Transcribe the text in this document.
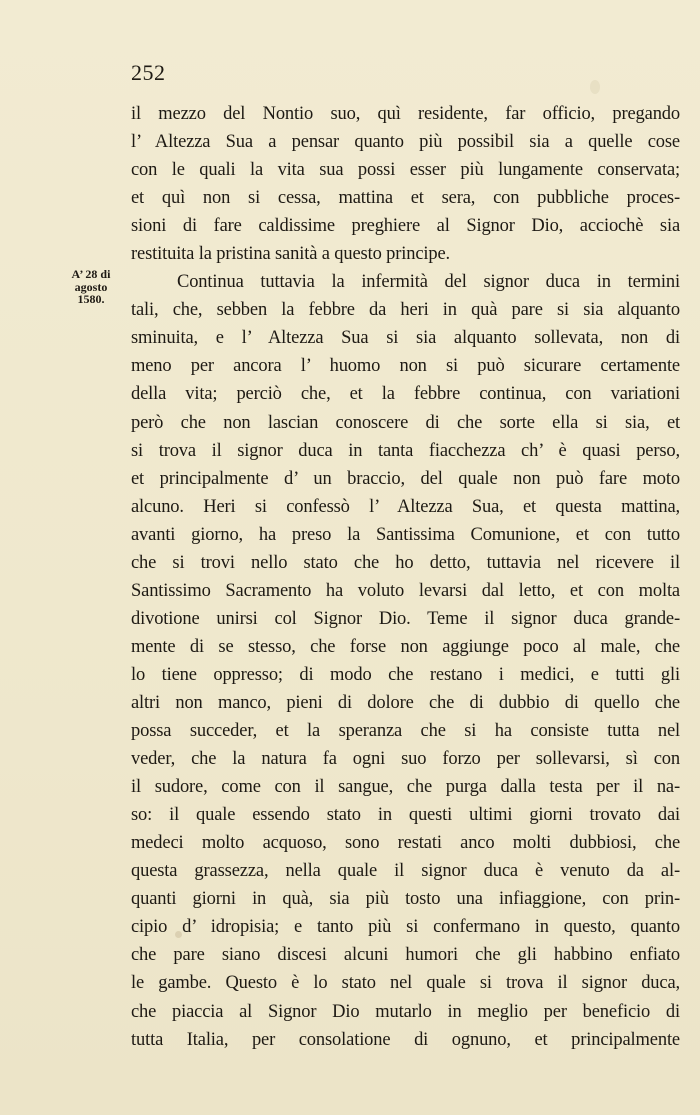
252
A’ 28 di
agosto
1580.
il mezzo del Nontio suo, quì residente, far officio, pregando
l’ Altezza Sua a pensar quanto più possibil sia a quelle cose
con le quali la vita sua possi esser più lungamente conservata;
et quì non si cessa, mattina et sera, con pubbliche proces-
sioni di fare caldissime preghiere al Signor Dio, acciochè sia
restituita la pristina sanità a questo principe.
Continua tuttavia la infermità del signor duca in termini
tali, che, sebben la febbre da heri in quà pare si sia alquanto
sminuita, e l’ Altezza Sua si sia alquanto sollevata, non di
meno per ancora l’ huomo non si può sicurare certamente
della vita; perciò che, et la febbre continua, con variationi
però che non lascian conoscere di che sorte ella si sia, et
si trova il signor duca in tanta fiacchezza ch’ è quasi perso,
et principalmente d’ un braccio, del quale non può fare moto
alcuno. Heri si confessò l’ Altezza Sua, et questa mattina,
avanti giorno, ha preso la Santissima Comunione, et con tutto
che si trovi nello stato che ho detto, tuttavia nel ricevere il
Santissimo Sacramento ha voluto levarsi dal letto, et con molta
divotione unirsi col Signor Dio. Teme il signor duca grande-
mente di se stesso, che forse non aggiunge poco al male, che
lo tiene oppresso; di modo che restano i medici, e tutti gli
altri non manco, pieni di dolore che di dubbio di quello che
possa succeder, et la speranza che si ha consiste tutta nel
veder, che la natura fa ogni suo forzo per sollevarsi, sì con
il sudore, come con il sangue, che purga dalla testa per il na-
so: il quale essendo stato in questi ultimi giorni trovato dai
medeci molto acquoso, sono restati anco molti dubbiosi, che
questa grassezza, nella quale il signor duca è venuto da al-
quanti giorni in quà, sia più tosto una infiaggione, con prin-
cipio d’ idropisia; e tanto più si confermano in questo, quanto
che pare siano discesi alcuni humori che gli habbino enfiato
le gambe. Questo è lo stato nel quale si trova il signor duca,
che piaccia al Signor Dio mutarlo in meglio per beneficio di
tutta Italia, per consolatione di ognuno, et principalmente
